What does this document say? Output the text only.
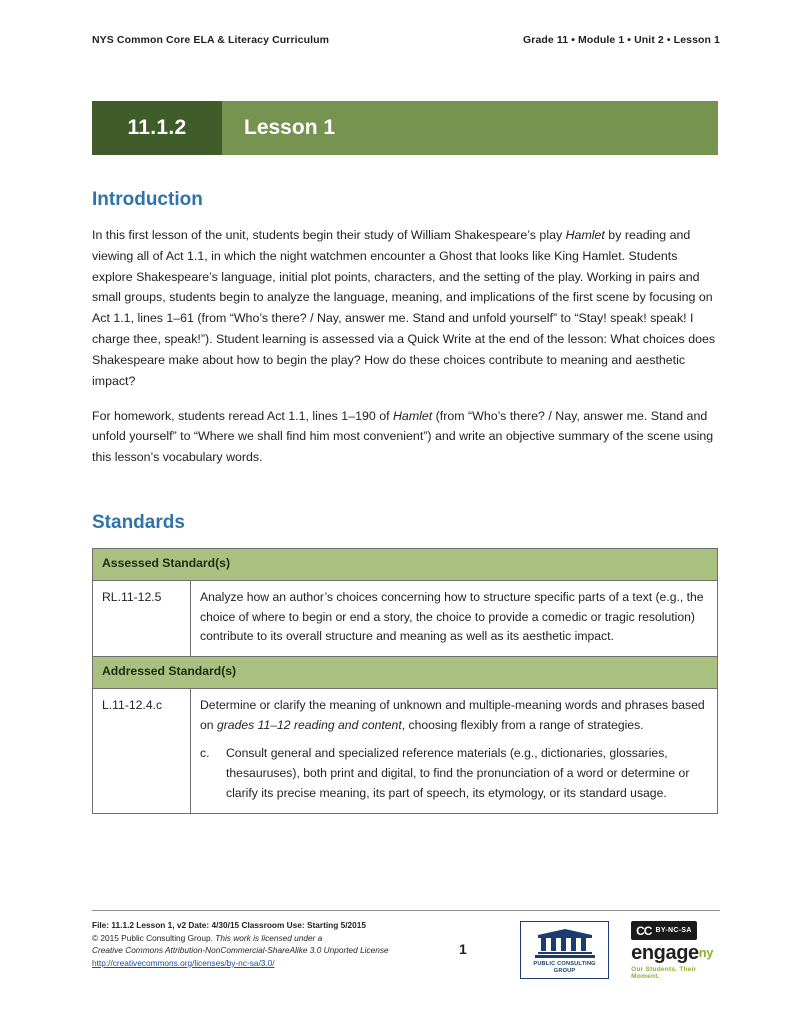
NYS Common Core ELA & Literacy Curriculum	Grade 11 • Module 1 • Unit 2 • Lesson 1
11.1.2	Lesson 1
Introduction

In this first lesson of the unit, students begin their study of William Shakespeare’s play Hamlet by reading and viewing all of Act 1.1, in which the night watchmen encounter a Ghost that looks like King Hamlet. Students explore Shakespeare’s language, initial plot points, characters, and the setting of the play. Working in pairs and small groups, students begin to analyze the language, meaning, and implications of the first scene by focusing on Act 1.1, lines 1–61 (from “Who’s there? / Nay, answer me. Stand and unfold yourself” to “Stay! speak! speak! I charge thee, speak!”). Student learning is assessed via a Quick Write at the end of the lesson: What choices does Shakespeare make about how to begin the play? How do these choices contribute to meaning and aesthetic impact?

For homework, students reread Act 1.1, lines 1–190 of Hamlet (from “Who’s there? / Nay, answer me. Stand and unfold yourself” to “Where we shall find him most convenient”) and write an objective summary of the scene using this lesson’s vocabulary words.

Standards
Assessed Standard(s)	
RL.11-12.5	Analyze how an author’s choices concerning how to structure specific parts of a text (e.g., the choice of where to begin or end a story, the choice to provide a comedic or tragic resolution) contribute to its overall structure and meaning as well as its aesthetic impact.
Addressed Standard(s)	
L.11-12.4.c	Determine or clarify the meaning of unknown and multiple-meaning words and phrases based on grades 11–12 reading and content, choosing flexibly from a range of strategies.
c.	Consult general and specialized reference materials (e.g., dictionaries, glossaries, thesauruses), both print and digital, to find the pronunciation of a word or determine or clarify its precise meaning, its part of speech, its etymology, or its standard usage.
File: 11.1.2 Lesson 1, v2 Date: 4/30/15 Classroom Use: Starting 5/2015
© 2015 Public Consulting Group. This work is licensed under a
Creative Commons Attribution-NonCommercial-ShareAlike 3.0 Unported License
http://creativecommons.org/licenses/by-nc-sa/3.0/
1
PUBLIC CONSULTING
GROUP
CC BY-NC-SA
engageny
Our Students. Their Moment.
